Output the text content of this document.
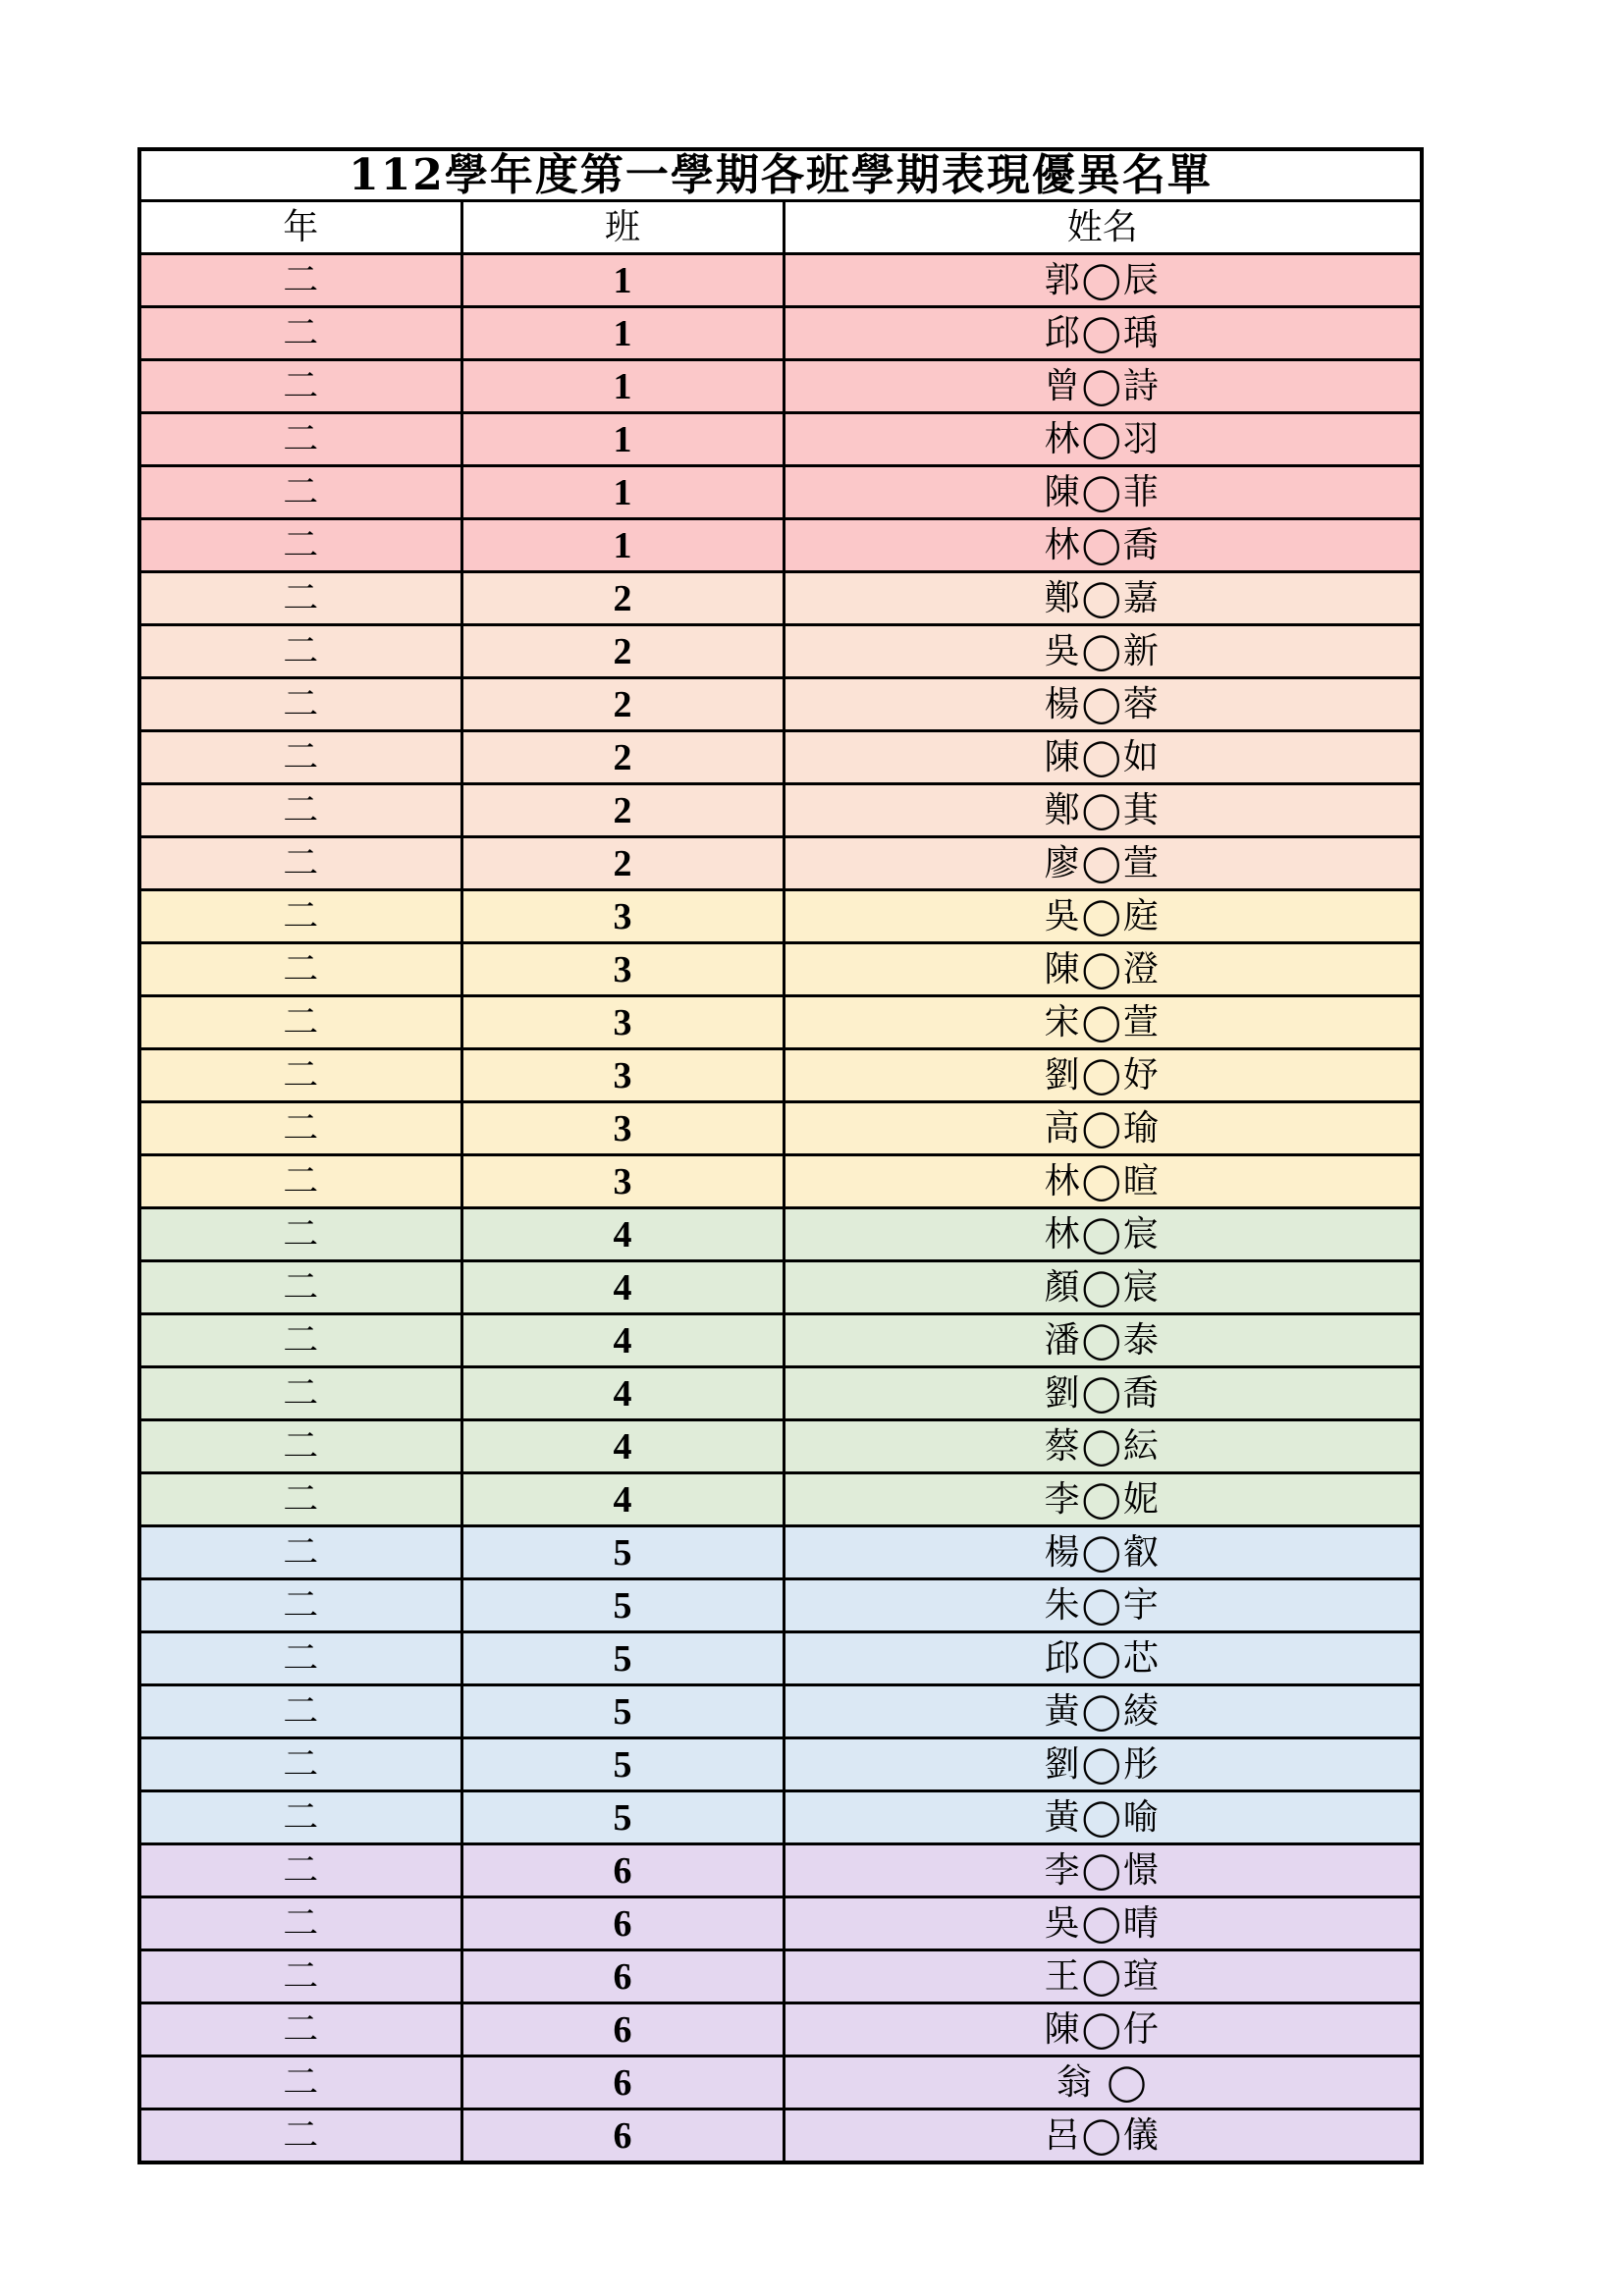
112學年度第一學期各班學期表現優異名單		
年	班	姓名
二	1	郭◯辰
二	1	邱◯瑀
二	1	曾◯詩
二	1	林◯羽
二	1	陳◯菲
二	1	林◯喬
二	2	鄭◯嘉
二	2	吳◯新
二	2	楊◯蓉
二	2	陳◯如
二	2	鄭◯萁
二	2	廖◯萱
二	3	吳◯庭
二	3	陳◯澄
二	3	宋◯萱
二	3	劉◯妤
二	3	高◯瑜
二	3	林◯暄
二	4	林◯宸
二	4	顏◯宸
二	4	潘◯泰
二	4	劉◯喬
二	4	蔡◯紜
二	4	李◯妮
二	5	楊◯叡
二	5	朱◯宇
二	5	邱◯芯
二	5	黃◯綾
二	5	劉◯彤
二	5	黃◯喻
二	6	李◯憬
二	6	吳◯晴
二	6	王◯瑄
二	6	陳◯仔
二	6	翁 ◯
二	6	呂◯儀
